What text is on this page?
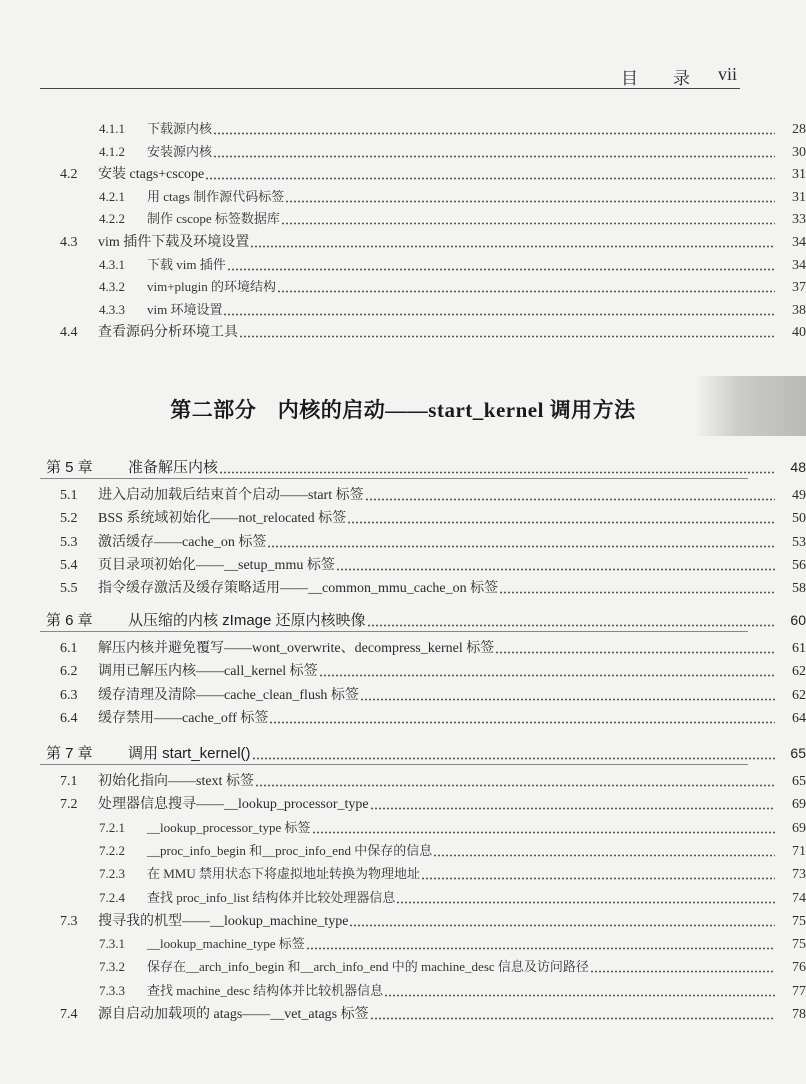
目 录 vii
4.1.1	下载源内核	28
4.1.2	安装源内核	30
4.2	安装 ctags+cscope	31
4.2.1	用 ctags 制作源代码标签	31
4.2.2	制作 cscope 标签数据库	33
4.3	vim 插件下载及环境设置	34
4.3.1	下载 vim 插件	34
4.3.2	vim+plugin 的环境结构	37
4.3.3	vim 环境设置	38
4.4	查看源码分析环境工具	40
第二部分　内核的启动——start_kernel 调用方法
第 5 章	准备解压内核	48
5.1	进入启动加载后结束首个启动——start 标签	49
5.2	BSS 系统域初始化——not_relocated 标签	50
5.3	激活缓存——cache_on 标签	53
5.4	页目录项初始化——__setup_mmu 标签	56
5.5	指令缓存激活及缓存策略适用——__common_mmu_cache_on 标签	58
第 6 章	从压缩的内核 zImage 还原内核映像	60
6.1	解压内核并避免覆写——wont_overwrite、decompress_kernel 标签	61
6.2	调用已解压内核——call_kernel 标签	62
6.3	缓存清理及清除——cache_clean_flush 标签	62
6.4	缓存禁用——cache_off 标签	64
第 7 章	调用 start_kernel()	65
7.1	初始化指向——stext 标签	65
7.2	处理器信息搜寻——__lookup_processor_type	69
7.2.1	__lookup_processor_type 标签	69
7.2.2	__proc_info_begin 和__proc_info_end 中保存的信息	71
7.2.3	在 MMU 禁用状态下将虚拟地址转换为物理地址	73
7.2.4	查找 proc_info_list 结构体并比较处理器信息	74
7.3	搜寻我的机型——__lookup_machine_type	75
7.3.1	__lookup_machine_type 标签	75
7.3.2	保存在__arch_info_begin 和__arch_info_end 中的 machine_desc 信息及访问路径	76
7.3.3	查找 machine_desc 结构体并比较机器信息	77
7.4	源自启动加载项的 atags——__vet_atags 标签	78
